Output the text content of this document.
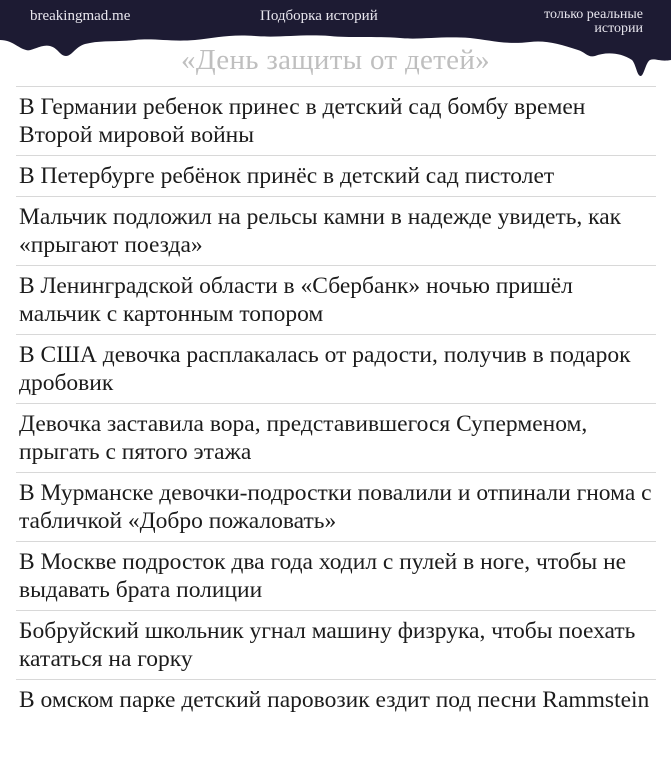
breakingmad.me	Подборка историй	только реальные истории
«День защиты от детей»
В Германии ребенок принес в детский сад бомбу времен Второй мировой войны
В Петербурге ребёнок принёс в детский сад пистолет
Мальчик подложил на рельсы камни в надежде увидеть, как «прыгают поезда»
В Ленинградской области в «Сбербанк» ночью пришёл мальчик с картонным топором
В США девочка расплакалась от радости, получив в подарок дробовик
Девочка заставила вора, представившегося Суперменом, прыгать с пятого этажа
В Мурманске девочки-подростки повалили и отпинали гнома с табличкой «Добро пожаловать»
В Москве подросток два года ходил с пулей в ноге, чтобы не выдавать брата полиции
Бобруйский школьник угнал машину физрука, чтобы поехать кататься на горку
В омском парке детский паровозик ездит под песни Rammstein
